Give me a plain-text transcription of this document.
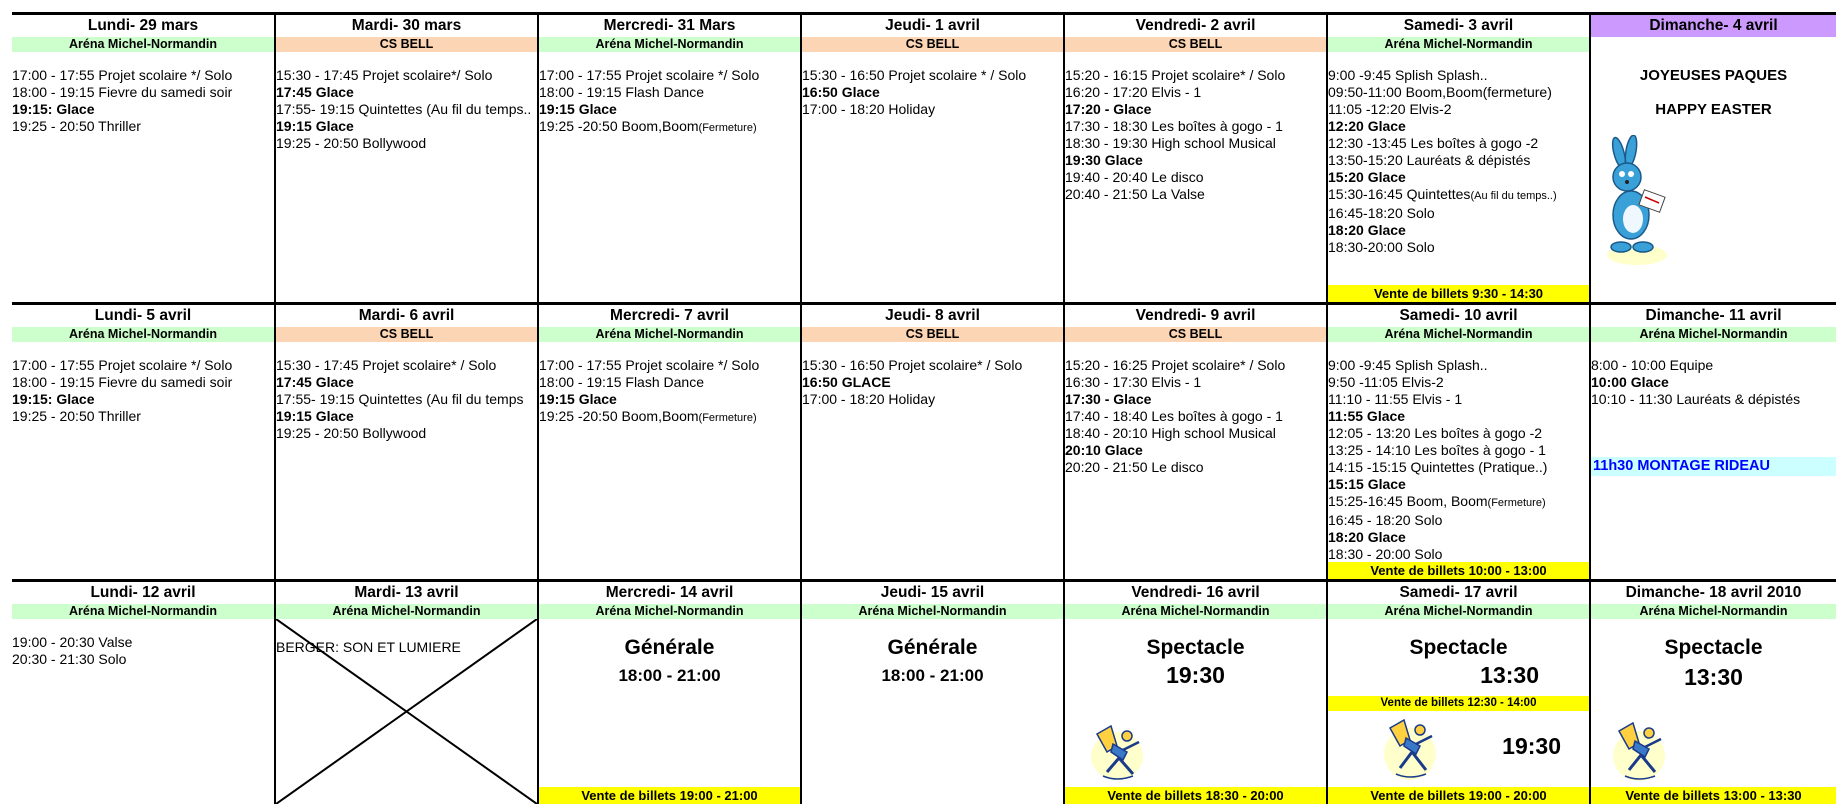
Lundi- 29 mars
Aréna Michel-Normandin
17:00 - 17:55 Projet scolaire */ Solo
18:00 - 19:15 Fievre du samedi soir
19:15: Glace
19:25 - 20:50 Thriller
Mardi- 30 mars
CS BELL
15:30 - 17:45 Projet scolaire*/ Solo
17:45 Glace
17:55- 19:15 Quintettes (Au fil du temps..
19:15 Glace
19:25 - 20:50 Bollywood
Mercredi- 31 Mars
Aréna Michel-Normandin
17:00 - 17:55 Projet scolaire */ Solo
18:00 - 19:15 Flash Dance
19:15 Glace
19:25 -20:50 Boom,Boom(Fermeture)
Jeudi- 1 avril
CS BELL
15:30 - 16:50 Projet scolaire * / Solo
16:50 Glace
17:00 - 18:20 Holiday
Vendredi- 2 avril
CS BELL
15:20 - 16:15 Projet scolaire* / Solo
16:20 - 17:20 Elvis - 1
17:20 - Glace
17:30 - 18:30 Les boîtes à gogo - 1
18:30 - 19:30 High school Musical
19:30 Glace
19:40 - 20:40 Le disco
20:40 - 21:50 La Valse
Samedi- 3 avril
Aréna Michel-Normandin
9:00 -9:45 Splish Splash..
09:50-11:00 Boom,Boom(fermeture)
11:05 -12:20 Elvis-2
12:20 Glace
12:30 -13:45 Les boîtes à gogo -2
13:50-15:20 Lauréats & dépistés
15:20 Glace
15:30-16:45 Quintettes(Au fil du temps..)
16:45-18:20 Solo
18:20 Glace
18:30-20:00 Solo
Vente de billets 9:30 - 14:30
Dimanche- 4 avril
JOYEUSES PAQUES
HAPPY EASTER
Lundi- 5 avril
Aréna Michel-Normandin
17:00 - 17:55 Projet scolaire */ Solo
18:00 - 19:15 Fievre du samedi soir
19:15: Glace
19:25 - 20:50 Thriller
Mardi- 6 avril
CS BELL
15:30 - 17:45 Projet scolaire* / Solo
17:45 Glace
17:55- 19:15 Quintettes (Au fil du temps
19:15 Glace
19:25 - 20:50 Bollywood
Mercredi- 7 avril
Aréna Michel-Normandin
17:00 - 17:55 Projet scolaire */ Solo
18:00 - 19:15 Flash Dance
19:15 Glace
19:25 -20:50 Boom,Boom(Fermeture)
Jeudi- 8 avril
CS BELL
15:30 - 16:50 Projet scolaire* / Solo
16:50 GLACE
17:00 - 18:20 Holiday
Vendredi- 9 avril
CS BELL
15:20 - 16:25 Projet scolaire* / Solo
16:30 - 17:30 Elvis - 1
17:30 - Glace
17:40 - 18:40 Les boîtes à gogo - 1
18:40 - 20:10 High school Musical
20:10 Glace
20:20 - 21:50 Le disco
Samedi- 10 avril
Aréna Michel-Normandin
9:00 -9:45 Splish Splash..
9:50 -11:05 Elvis-2
11:10 - 11:55 Elvis - 1
11:55 Glace
12:05 - 13:20 Les boîtes à gogo -2
13:25 - 14:10 Les boîtes à gogo - 1
14:15 -15:15 Quintettes (Pratique..)
15:15 Glace
15:25-16:45 Boom, Boom(Fermeture)
16:45 - 18:20 Solo
18:20 Glace
18:30 - 20:00 Solo
Vente de billets 10:00 - 13:00
Dimanche- 11 avril
Aréna Michel-Normandin
8:00 - 10:00 Equipe
10:00 Glace
10:10 - 11:30 Lauréats & dépistés
11h30 MONTAGE RIDEAU
Lundi- 12 avril
Aréna Michel-Normandin
19:00 - 20:30 Valse
20:30 - 21:30 Solo
Mardi- 13 avril
Aréna Michel-Normandin
BERGER: SON ET LUMIERE
Mercredi- 14 avril
Aréna Michel-Normandin
Générale
18:00 - 21:00
Vente de billets 19:00 - 21:00
Jeudi- 15 avril
Aréna Michel-Normandin
Générale
18:00 - 21:00
Vendredi- 16 avril
Aréna Michel-Normandin
Spectacle
19:30
Vente de billets 18:30 - 20:00
Samedi- 17 avril
Aréna Michel-Normandin
Spectacle
13:30
Vente de billets 12:30 - 14:00
19:30
Vente de billets 19:00 - 20:00
Dimanche- 18 avril 2010
Aréna Michel-Normandin
Spectacle
13:30
Vente de billets 13:00 - 13:30
